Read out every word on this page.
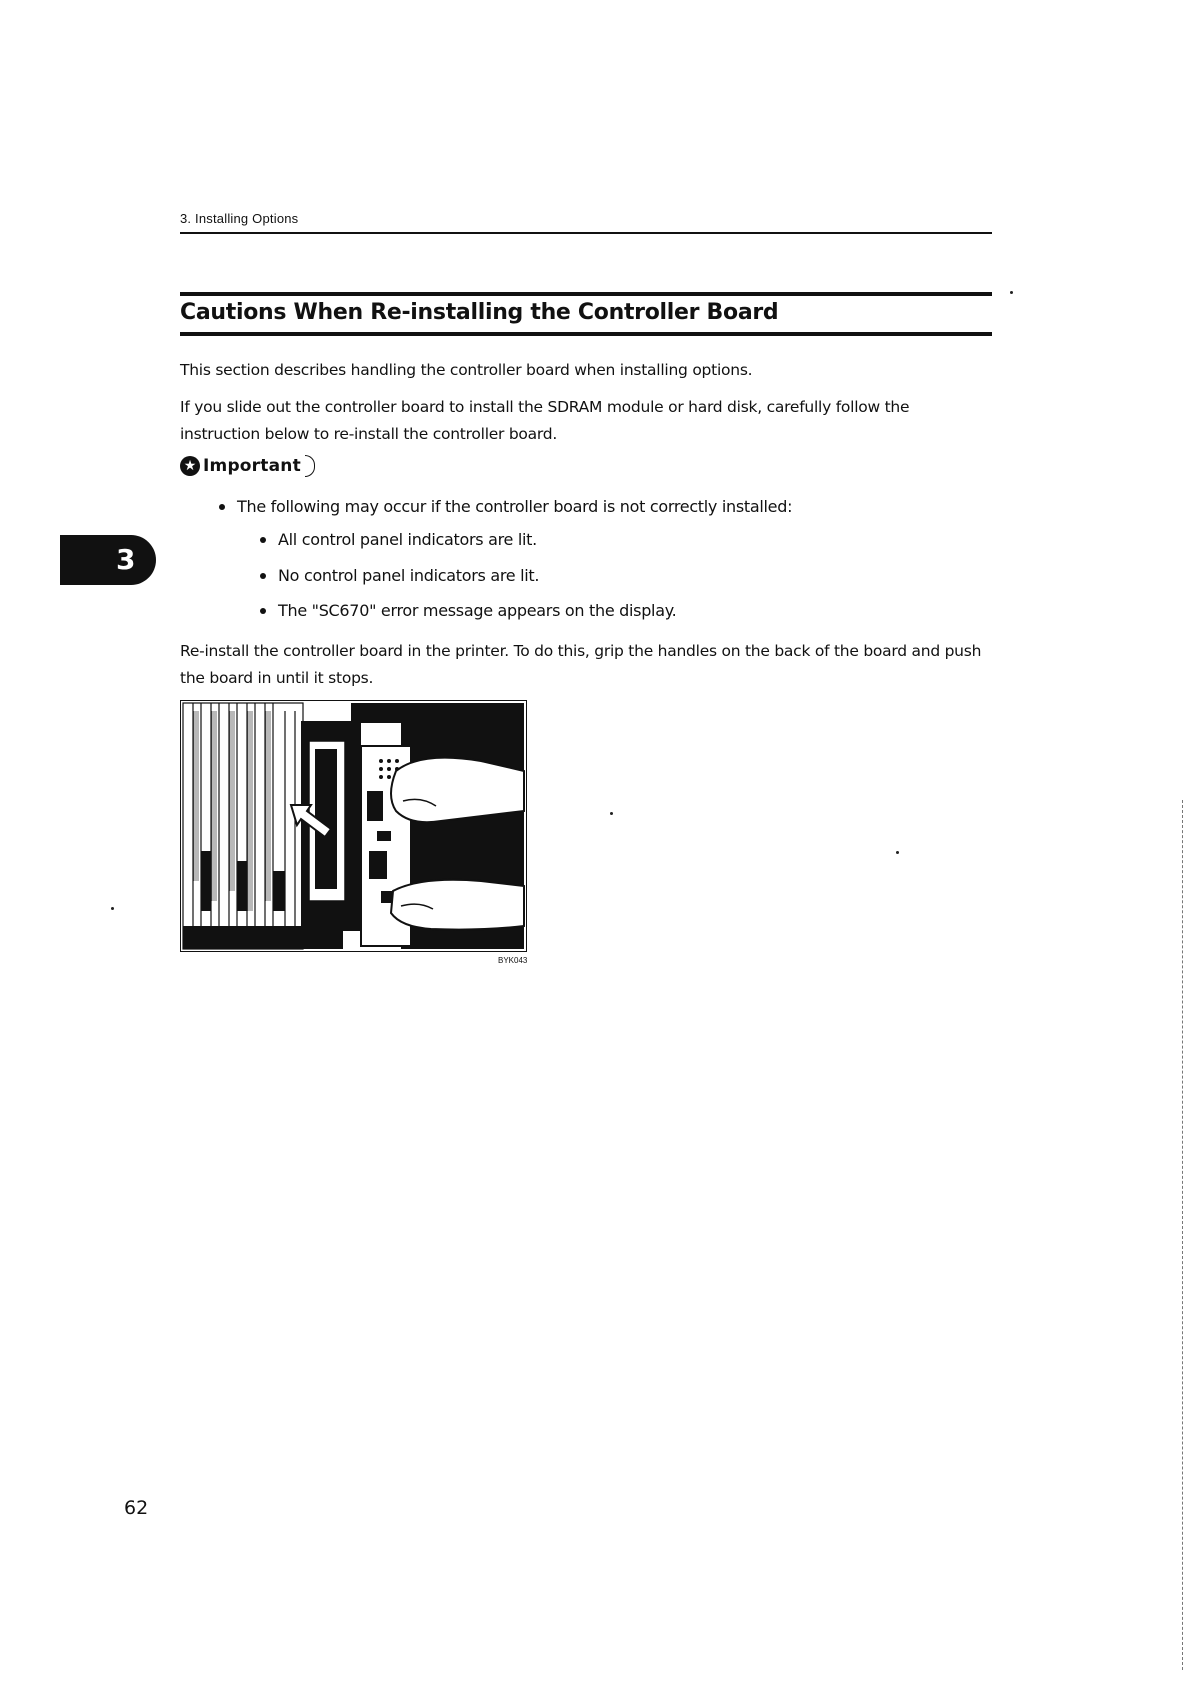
3. Installing Options
Cautions When Re-installing the Controller Board
This section describes handling the controller board when installing options.
If you slide out the controller board to install the SDRAM module or hard disk, carefully follow the instruction below to re-install the controller board.
★ Important
The following may occur if the controller board is not correctly installed:
All control panel indicators are lit.
No control panel indicators are lit.
The "SC670" error message appears on the display.
3
Re-install the controller board in the printer. To do this, grip the handles on the back of the board and push the board in until it stops.
BYK043
62
